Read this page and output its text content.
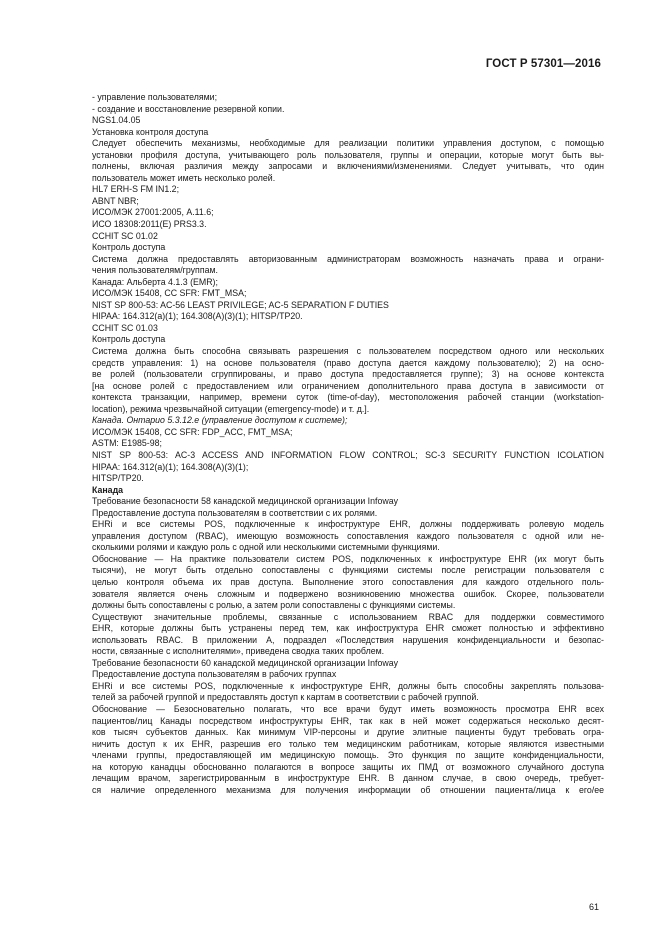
ГОСТ Р 57301—2016
- управление пользователями;
- создание и восстановление резервной копии.
NGS1.04.05
Установка контроля доступа
Следует обеспечить механизмы, необходимые для реализации политики управления доступом, с помощью
установки профиля доступа, учитывающего роль пользователя, группы и операции, которые могут быть вы-
полнены, включая различия между запросами и включениями/изменениями. Следует учитывать, что один
пользователь может иметь несколько ролей.
HL7 ERH-S FM IN1.2;
ABNT NBR;
ИСО/МЭК 27001:2005, А.11.6;
ИСО 18308:2011(E) PRS3.3.
CCHIT SC 01.02
Контроль доступа
Система должна предоставлять авторизованным администраторам возможность назначать права и ограни-
чения пользователям/группам.
Канада: Альберта 4.1.3 (EMR);
ИСО/МЭК 15408, CC SFR: FMT_MSA;
NIST SP 800-53: AC-56 LEAST PRIVILEGE; AC-5 SEPARATION F DUTIES
HIPAA: 164.312(a)(1); 164.308(A)(3)(1); HITSP/TP20.
CCHIT SC 01.03
Контроль доступа
Система должна быть способна связывать разрешения с пользователем посредством одного или нескольких
средств управления: 1) на основе пользователя (право доступа дается каждому пользователю); 2) на осно-
ве ролей (пользователи сгруппированы, и право доступа предоставляется группе); 3) на основе контекста
[на основе ролей с предоставлением или ограничением дополнительного права доступа в зависимости от
контекста транзакции, например, времени суток (time-of-day), местоположения рабочей станции (workstation-
location), режима чрезвычайной ситуации (emergency-mode) и т. д.].
Канада. Онтарио 5.3.12.е (управление доступом к системе);
ИСО/МЭК 15408, CC SFR: FDP_ACC, FMT_MSA;
ASTM: E1985-98;
NIST SP 800-53: AC-3 ACCESS AND INFORMATION FLOW CONTROL; SC-3 SECURITY FUNCTION ICOLATION
HIPAA: 164.312(a)(1); 164.308(A)(3)(1);
HITSP/TP20.
Канада
Требование безопасности 58 канадской медицинской организации Infoway
Предоставление доступа пользователям в соответствии с их ролями.
EHRi и все системы POS, подключенные к инфоструктуре EHR, должны поддерживать ролевую модель
управления доступом (RBAC), имеющую возможность сопоставления каждого пользователя с одной или не-
сколькими ролями и каждую роль с одной или несколькими системными функциями.
Обоснование — На практике пользователи систем POS, подключенных к инфоструктуре EHR (их могут быть
тысячи), не могут быть отдельно сопоставлены с функциями системы после регистрации пользователя с
целью контроля объема их прав доступа. Выполнение этого сопоставления для каждого отдельного поль-
зователя является очень сложным и подвержено возникновению множества ошибок. Скорее, пользователи
должны быть сопоставлены с ролью, а затем роли сопоставлены с функциями системы.
Существуют значительные проблемы, связанные с использованием RBAC для поддержки совместимого
EHR, которые должны быть устранены перед тем, как инфоструктура EHR сможет полностью и эффективно
использовать RBAC. В приложении А, подраздел «Последствия нарушения конфиденциальности и безопас-
ности, связанные с исполнителями», приведена сводка таких проблем.
Требование безопасности 60 канадской медицинской организации Infoway
Предоставление доступа пользователям в рабочих группах
EHRi и все системы POS, подключенные к инфоструктуре EHR, должны быть способны закреплять пользова-
телей за рабочей группой и предоставлять доступ к картам в соответствии с рабочей группой.
Обоснование — Безосновательно полагать, что все врачи будут иметь возможность просмотра EHR всех
пациентов/лиц Канады посредством инфоструктуры EHR, так как в ней может содержаться несколько десят-
ков тысяч субъектов данных. Как минимум VIP-персоны и другие элитные пациенты будут требовать огра-
ничить доступ к их EHR, разрешив его только тем медицинским работникам, которые являются известными
членами группы, предоставляющей им медицинскую помощь. Это функция по защите конфиденциальности,
на которую канадцы обоснованно полагаются в вопросе защиты их ПМД от возможного случайного доступа
лечащим врачом, зарегистрированным в инфоструктуре EHR. В данном случае, в свою очередь, требует-
ся наличие определенного механизма для получения информации об отношении пациента/лица к его/ее
61
